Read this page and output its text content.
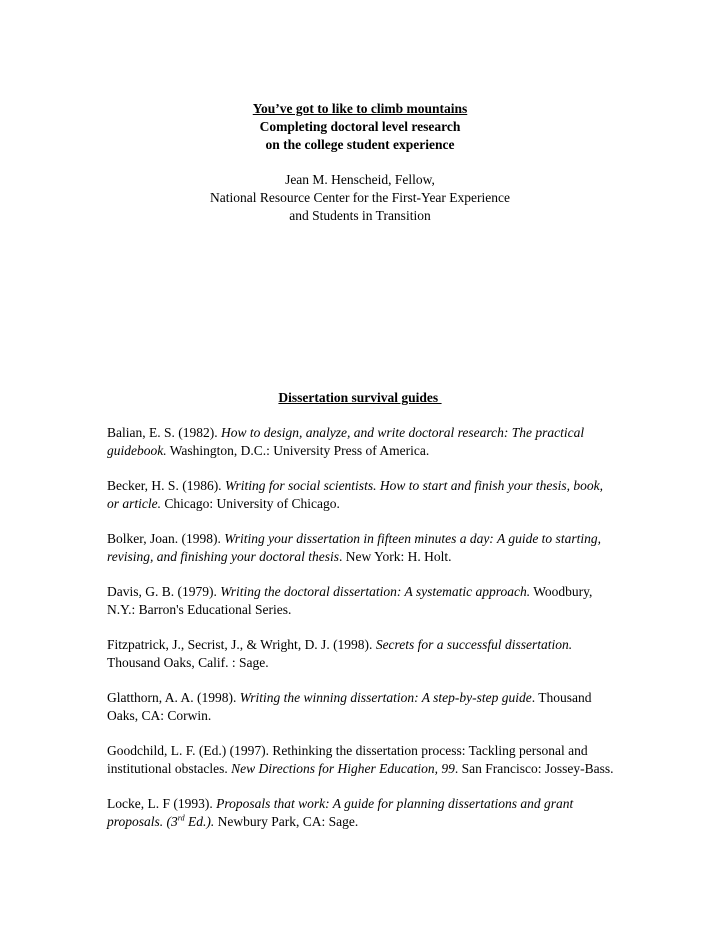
You’ve got to like to climb mountains
Completing doctoral level research
on the college student experience
Jean M. Henscheid, Fellow,
National Resource Center for the First-Year Experience
and Students in Transition
Dissertation survival guides

Balian, E. S. (1982). How to design, analyze, and write doctoral research: The practical guidebook. Washington, D.C.: University Press of America.

Becker, H. S. (1986). Writing for social scientists. How to start and finish your thesis, book, or article. Chicago: University of Chicago.

Bolker, Joan. (1998). Writing your dissertation in fifteen minutes a day: A guide to starting, revising, and finishing your doctoral thesis. New York: H. Holt.

Davis, G. B. (1979). Writing the doctoral dissertation: A systematic approach. Woodbury, N.Y.: Barron's Educational Series.

Fitzpatrick, J., Secrist, J., & Wright, D. J. (1998). Secrets for a successful dissertation. Thousand Oaks, Calif. : Sage.

Glatthorn, A. A. (1998). Writing the winning dissertation: A step-by-step guide. Thousand Oaks, CA: Corwin.

Goodchild, L. F. (Ed.) (1997). Rethinking the dissertation process: Tackling personal and institutional obstacles. New Directions for Higher Education, 99. San Francisco: Jossey-Bass.

Locke, L. F (1993). Proposals that work: A guide for planning dissertations and grant proposals. (3rd Ed.). Newbury Park, CA: Sage.
